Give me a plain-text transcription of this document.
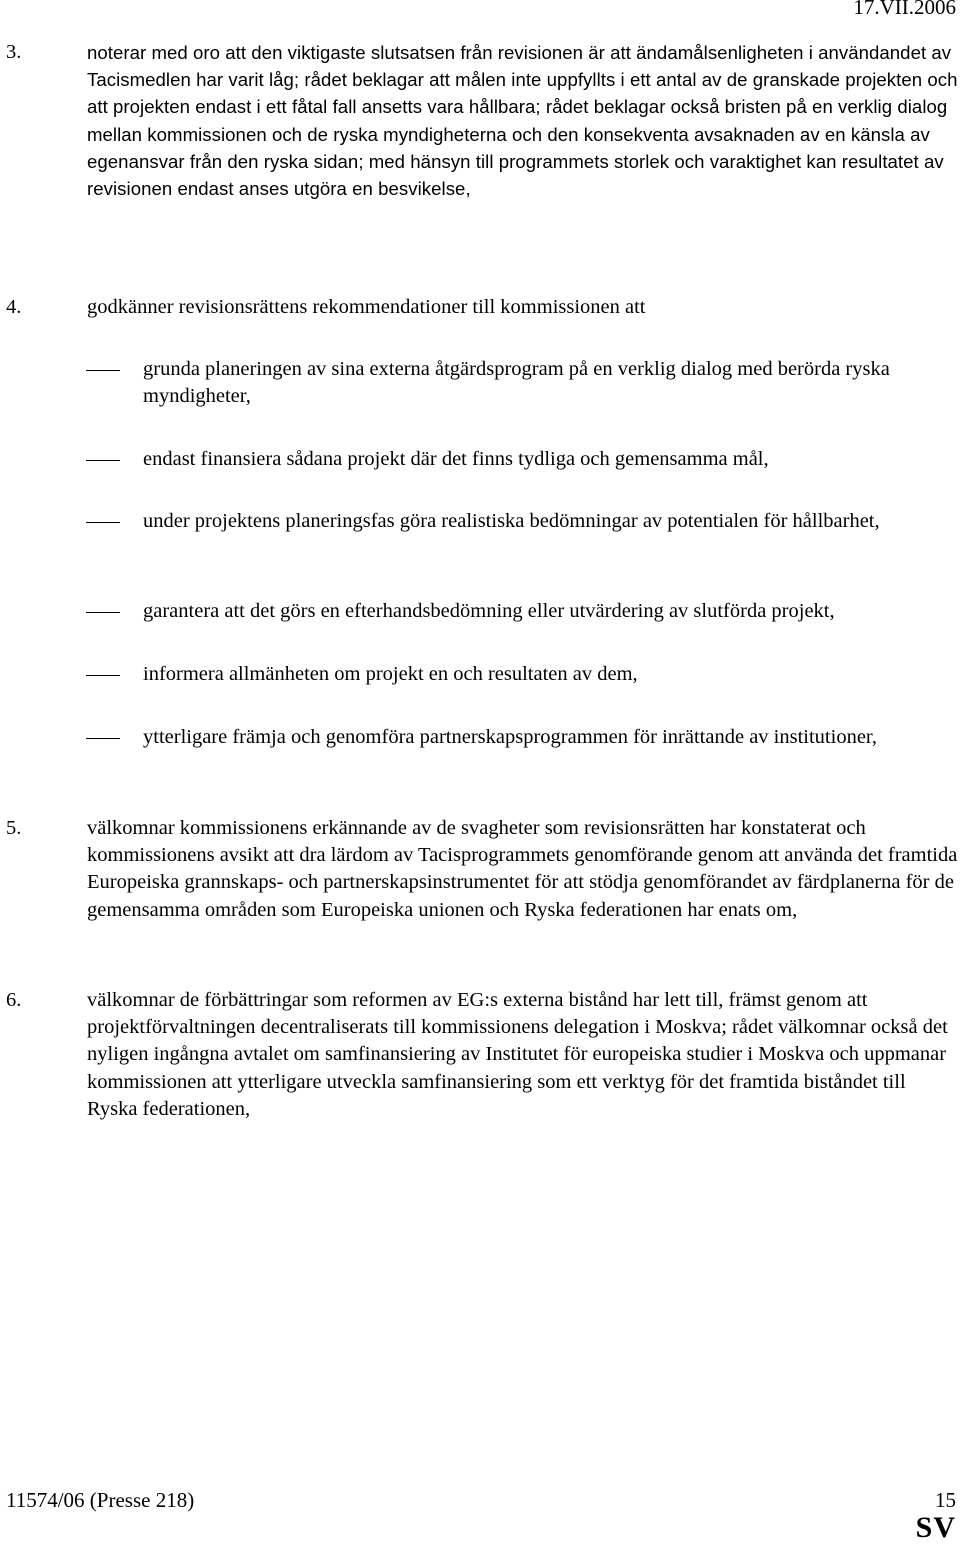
17.VII.2006
3.	noterar med oro att den viktigaste slutsatsen från revisionen är att ändamålsenligheten i användandet av Tacismedlen har varit låg; rådet beklagar att målen inte uppfyllts i ett antal av de granskade projekten och att projekten endast i ett fåtal fall ansetts vara hållbara; rådet beklagar också bristen på en verklig dialog mellan kommissionen och de ryska myndigheterna och den konsekventa avsaknaden av en känsla av egenansvar från den ryska sidan; med hänsyn till programmets storlek och varaktighet kan resultatet av revisionen endast anses utgöra en besvikelse,
4.	godkänner revisionsrättens rekommendationer till kommissionen att
grunda planeringen av sina externa åtgärdsprogram på en verklig dialog med berörda ryska myndigheter,
endast finansiera sådana projekt där det finns tydliga och gemensamma mål,
under projektens planeringsfas göra realistiska bedömningar av potentialen för hållbarhet,
garantera att det görs en efterhandsbedömning eller utvärdering av slutförda projekt,
informera allmänheten om projekt en och resultaten av dem,
ytterligare främja och genomföra partnerskapsprogrammen för inrättande av institutioner,
5.	välkomnar kommissionens erkännande av de svagheter som revisionsrätten har konstaterat och kommissionens avsikt att dra lärdom av Tacisprogrammets genomförande genom att använda det framtida Europeiska grannskaps- och partnerskapsinstrumentet för att stödja genomförandet av färdplanerna för de gemensamma områden som Europeiska unionen och Ryska federationen har enats om,
6.	välkomnar de förbättringar som reformen av EG:s externa bistånd har lett till, främst genom att projektförvaltningen decentraliserats till kommissionens delegation i Moskva; rådet välkomnar också det nyligen ingångna avtalet om samfinansiering av Institutet för europeiska studier i Moskva och uppmanar kommissionen att ytterligare utveckla samfinansiering som ett verktyg för det framtida biståndet till Ryska federationen,
11574/06 (Presse 218)	15
SV
